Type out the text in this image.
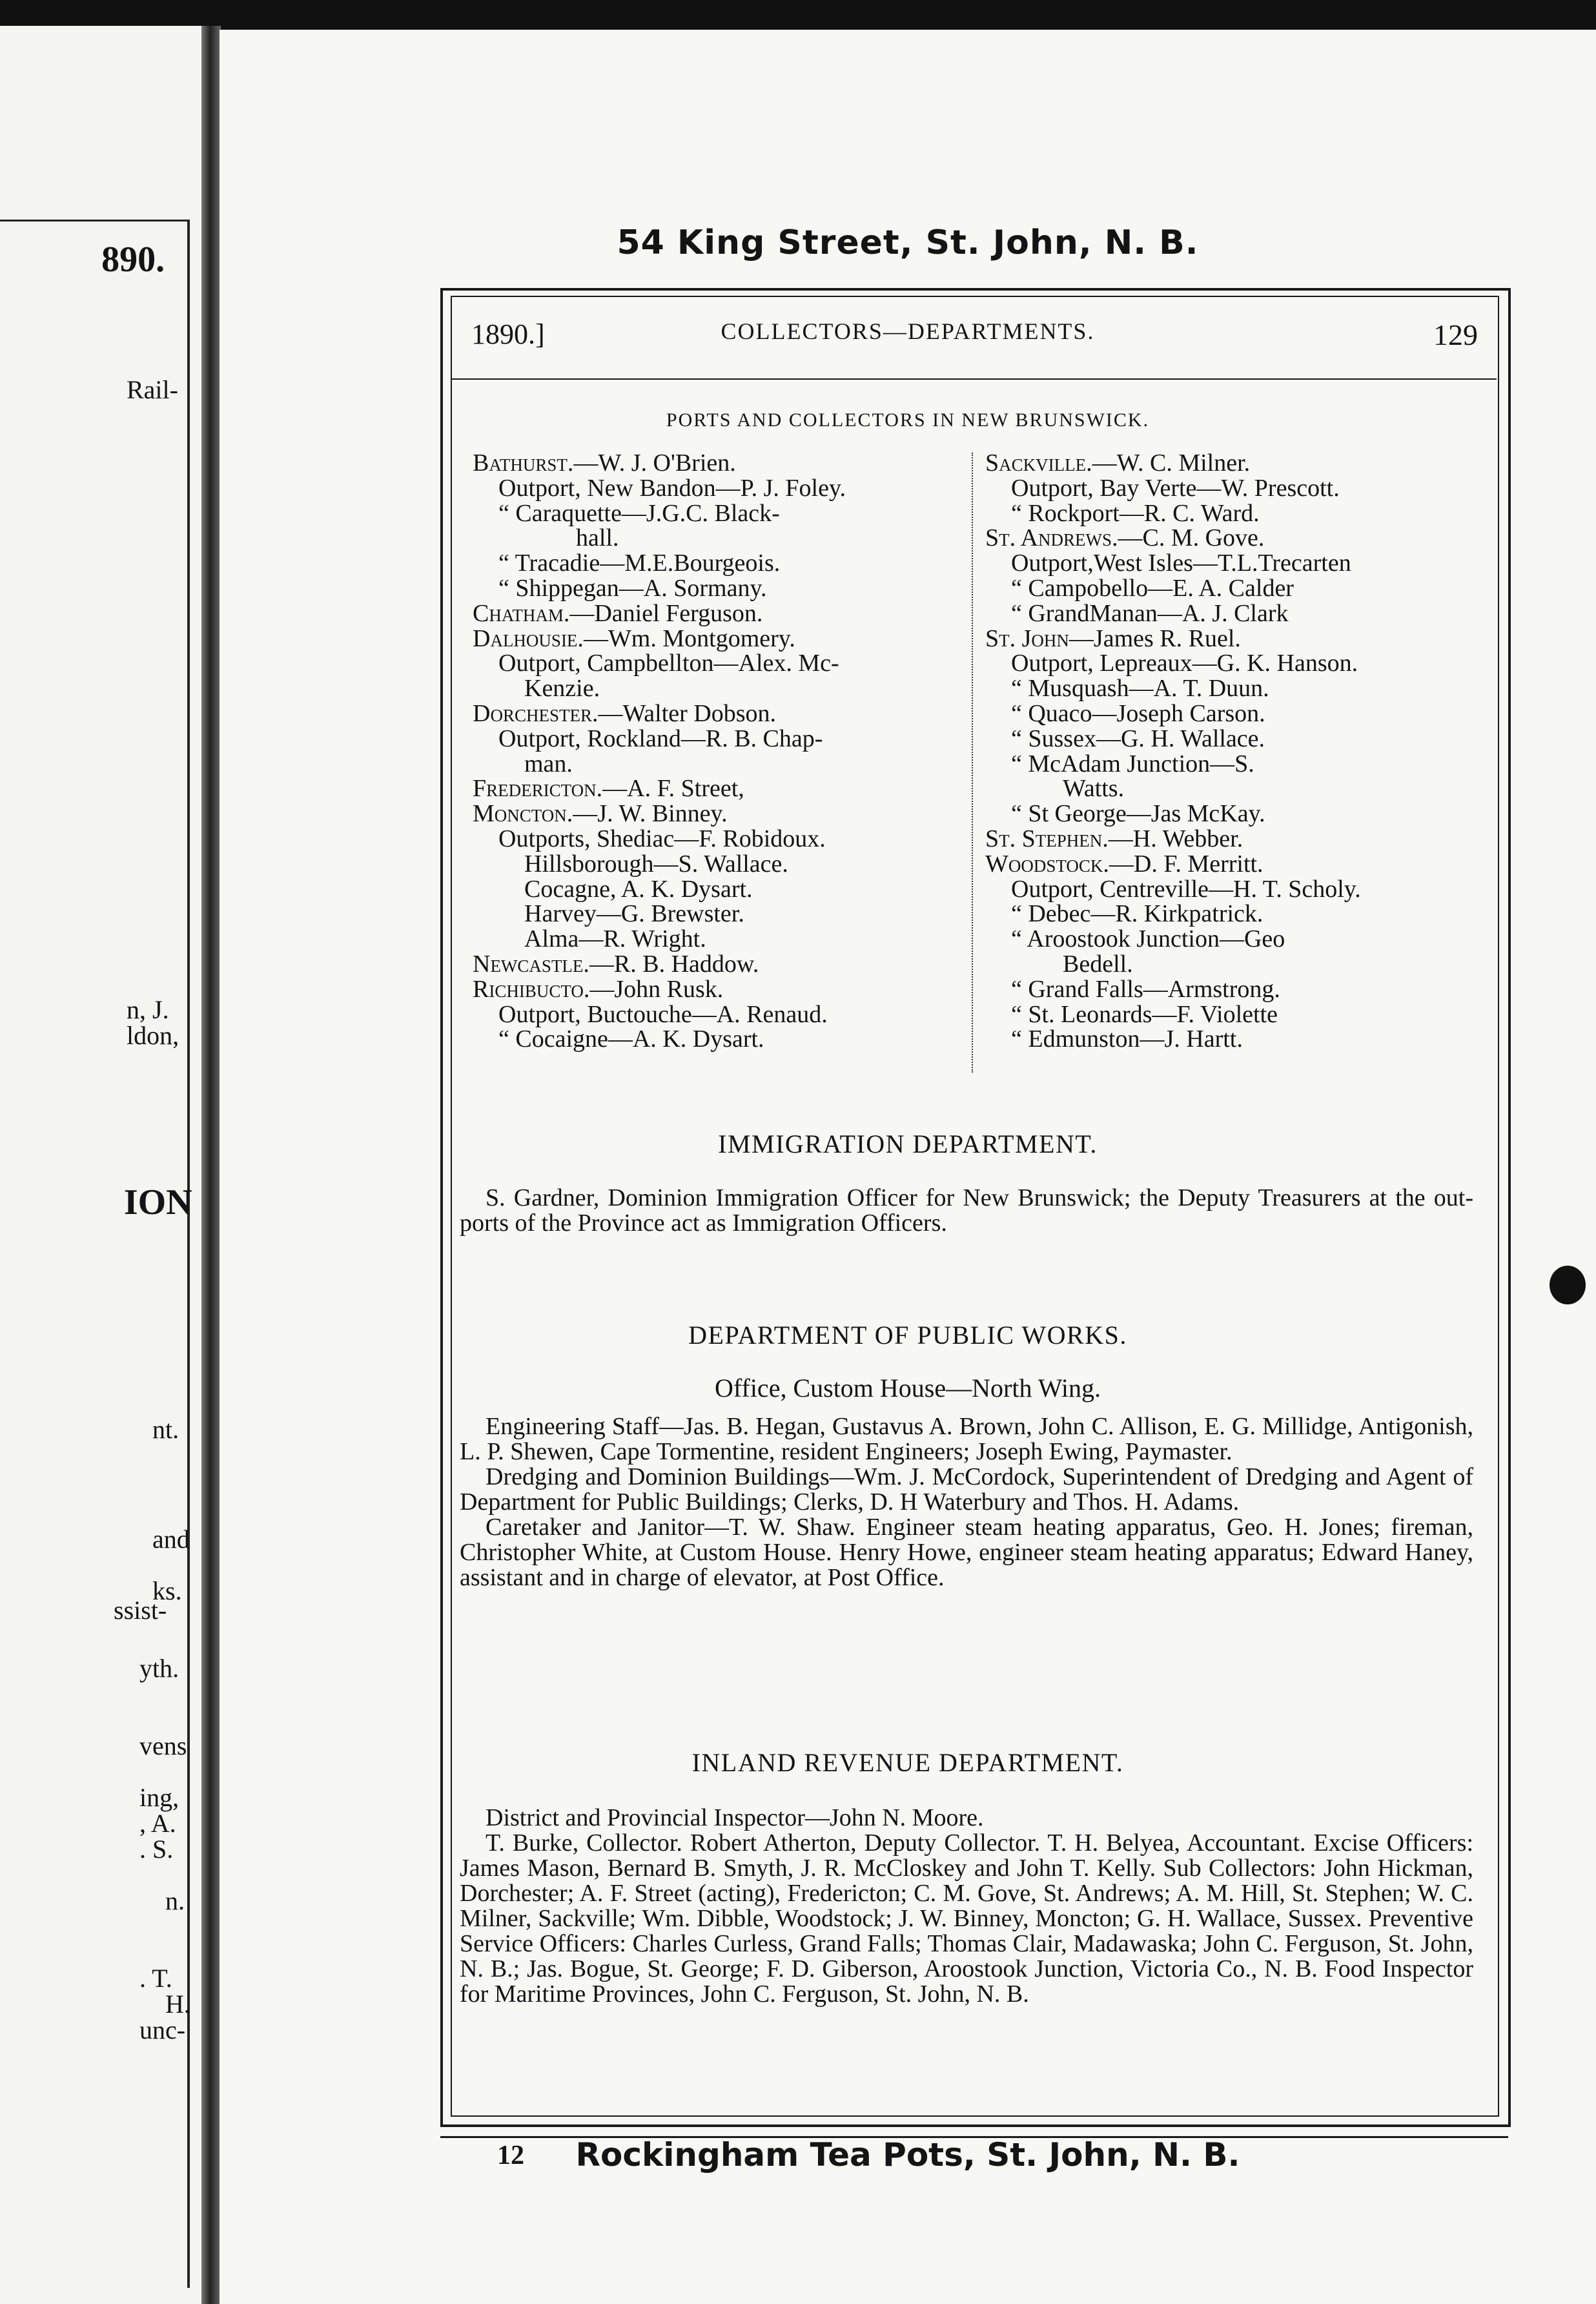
890.
Rail-
n, J.
ldon,
ION
nt.
and
ks.
ssist-
yth.
vens
ing,
, A.
. S.
n.
. T.
H.
unc-
54 King Street, St. John, N. B.
1890.]	COLLECTORS—DEPARTMENTS.	129
PORTS AND COLLECTORS IN NEW BRUNSWICK.
Bathurst.—W. J. O'Brien.
Outport, New Bandon—P. J. Foley.
“ Caraquette—J.G.C. Black-
hall.
“ Tracadie—M.E.Bourgeois.
“ Shippegan—A. Sormany.
Chatham.—Daniel Ferguson.
Dalhousie.—Wm. Montgomery.
Outport, Campbellton—Alex. Mc-
Kenzie.
Dorchester.—Walter Dobson.
Outport, Rockland—R. B. Chap-
man.
Fredericton.—A. F. Street,
Moncton.—J. W. Binney.
Outports, Shediac—F. Robidoux.
Hillsborough—S. Wallace.
Cocagne, A. K. Dysart.
Harvey—G. Brewster.
Alma—R. Wright.
Newcastle.—R. B. Haddow.
Richibucto.—John Rusk.
Outport, Buctouche—A. Renaud.
“ Cocaigne—A. K. Dysart.
Sackville.—W. C. Milner.
Outport, Bay Verte—W. Prescott.
“ Rockport—R. C. Ward.
St. Andrews.—C. M. Gove.
Outport,West Isles—T.L.Trecarten
“ Campobello—E. A. Calder
“ GrandManan—A. J. Clark
St. John—James R. Ruel.
Outport, Lepreaux—G. K. Hanson.
“ Musquash—A. T. Duun.
“ Quaco—Joseph Carson.
“ Sussex—G. H. Wallace.
“ McAdam Junction—S.
Watts.
“ St George—Jas McKay.
St. Stephen.—H. Webber.
Woodstock.—D. F. Merritt.
Outport, Centreville—H. T. Scholy.
“ Debec—R. Kirkpatrick.
“ Aroostook Junction—Geo
Bedell.
“ Grand Falls—Armstrong.
“ St. Leonards—F. Violette
“ Edmunston—J. Hartt.
IMMIGRATION DEPARTMENT.

S. Gardner, Dominion Immigration Officer for New Brunswick; the Deputy Treasurers at the out-ports of the Province act as Immigration Officers.

DEPARTMENT OF PUBLIC WORKS.
Office, Custom House—North Wing.

Engineering Staff—Jas. B. Hegan, Gustavus A. Brown, John C. Allison, E. G. Millidge, Antigonish, L. P. Shewen, Cape Tormentine, resident Engineers; Joseph Ewing, Paymaster.

Dredging and Dominion Buildings—Wm. J. McCordock, Superintendent of Dredging and Agent of Department for Public Buildings; Clerks, D. H Waterbury and Thos. H. Adams.

Caretaker and Janitor—T. W. Shaw. Engineer steam heating apparatus, Geo. H. Jones; fireman, Christopher White, at Custom House. Henry Howe, engineer steam heating apparatus; Edward Haney, assistant and in charge of elevator, at Post Office.

INLAND REVENUE DEPARTMENT.

District and Provincial Inspector—John N. Moore.

T. Burke, Collector. Robert Atherton, Deputy Collector. T. H. Belyea, Accountant. Excise Officers: James Mason, Bernard B. Smyth, J. R. McCloskey and John T. Kelly. Sub Collectors: John Hickman, Dorchester; A. F. Street (acting), Fredericton; C. M. Gove, St. Andrews; A. M. Hill, St. Stephen; W. C. Milner, Sackville; Wm. Dibble, Woodstock; J. W. Binney, Moncton; G. H. Wallace, Sussex. Preventive Service Officers: Charles Curless, Grand Falls; Thomas Clair, Madawaska; John C. Ferguson, St. John, N. B.; Jas. Bogue, St. George; F. D. Giberson, Aroostook Junction, Victoria Co., N. B. Food Inspector for Maritime Provinces, John C. Ferguson, St. John, N. B.

12	Rockingham Tea Pots, St. John, N. B.
